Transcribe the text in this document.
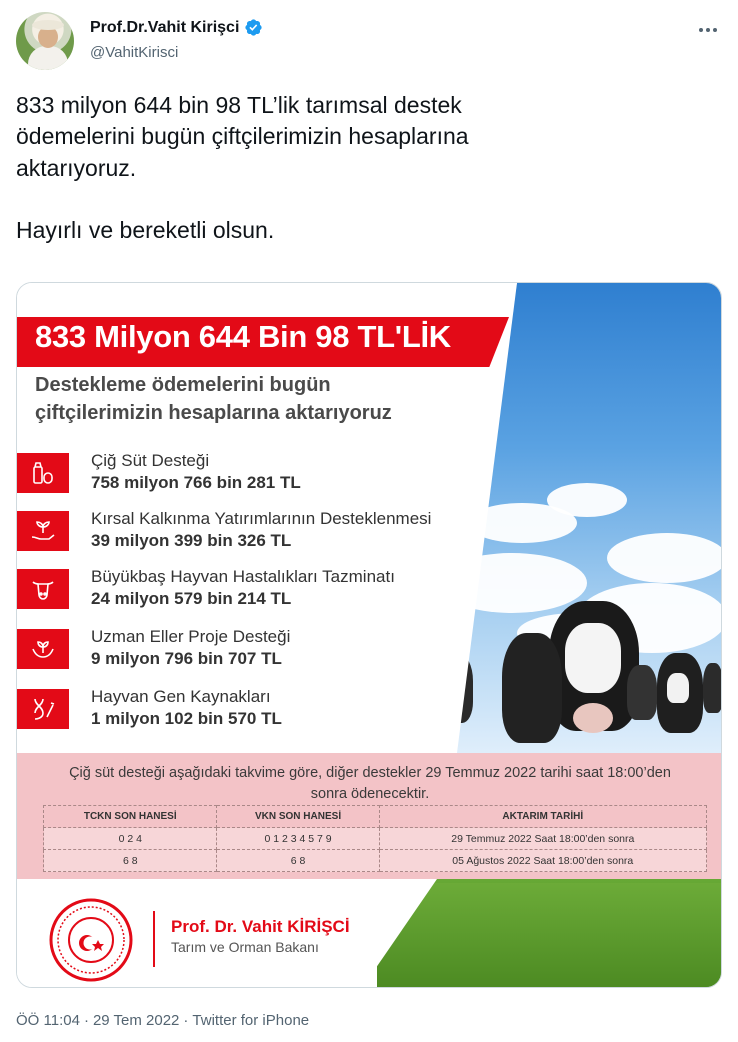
Prof.Dr.Vahit Kirişci
@VahitKirisci

833 milyon 644 bin 98 TL’lik tarımsal destek

ödemelerini bugün çiftçilerimizin hesaplarına

aktarıyoruz.

Hayırlı ve bereketli olsun.

833 Milyon 644 Bin 98 TL'LİK
Destekleme ödemelerini bugün
çiftçilerimizin hesaplarına aktarıyoruz
Çiğ Süt Desteği
758 milyon 766 bin 281 TL
Kırsal Kalkınma Yatırımlarının Desteklenmesi
39 milyon 399 bin 326 TL
Büyükbaş Hayvan Hastalıkları Tazminatı
24 milyon 579 bin 214 TL
Uzman Eller Proje Desteği
9 milyon 796 bin 707 TL
Hayvan Gen Kaynakları
1 milyon 102 bin 570 TL
Çiğ süt desteği aşağıdaki takvime göre, diğer destekler 29 Temmuz 2022 tarihi saat 18:00’den
sonra ödenecektir.
TCKN SON HANESİ	VKN SON HANESİ	AKTARIM TARİHİ
0 2 4	0 1 2 3 4 5 7 9	29 Temmuz 2022 Saat 18:00’den sonra
6 8	6 8	05 Ağustos 2022 Saat 18:00’den sonra
Prof. Dr. Vahit KİRİŞCİ
Tarım ve Orman Bakanı
ÖÖ 11:04 · 29 Tem 2022 · Twitter for iPhone
